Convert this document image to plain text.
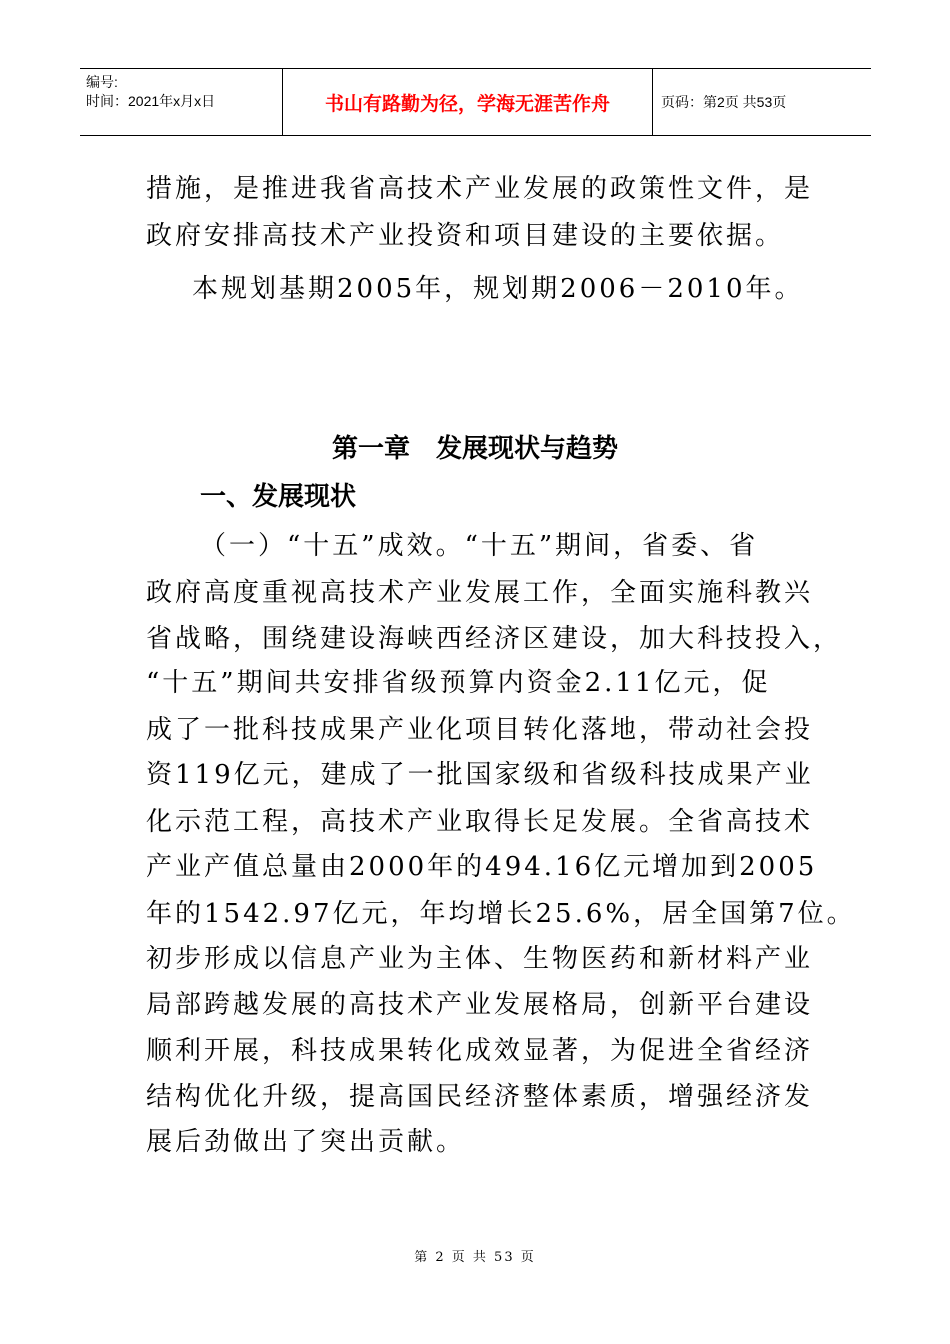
编号:
时间：2021年x月x日	书山有路勤为径，学海无涯苦作舟	页码：第2页 共53页

措施，是推进我省高技术产业发展的政策性文件，是

政府安排高技术产业投资和项目建设的主要依据。

本规划基期2005年，规划期2006－2010年。

第一章　发展现状与趋势
一、发展现状

（一）“十五”成效。“十五”期间，省委、省

政府高度重视高技术产业发展工作，全面实施科教兴

省战略，围绕建设海峡西经济区建设，加大科技投入，

“十五”期间共安排省级预算内资金2.11亿元，促

成了一批科技成果产业化项目转化落地，带动社会投

资119亿元，建成了一批国家级和省级科技成果产业

化示范工程，高技术产业取得长足发展。全省高技术

产业产值总量由2000年的494.16亿元增加到2005

年的1542.97亿元，年均增长25.6%，居全国第7位。

初步形成以信息产业为主体、生物医药和新材料产业

局部跨越发展的高技术产业发展格局，创新平台建设

顺利开展，科技成果转化成效显著，为促进全省经济

结构优化升级，提高国民经济整体素质，增强经济发

展后劲做出了突出贡献。

第 2 页 共 53 页
